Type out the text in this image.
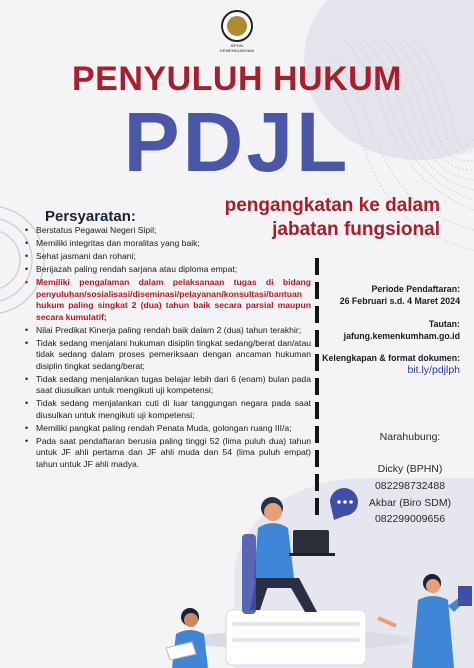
BPHN KEMENKUMHAM
PENYULUH HUKUM
PDJL
pengangkatan ke dalam
jabatan fungsional
Persyaratan:
• Berstatus Pegawai Negeri Sipil;
• Memiliki integritas dan moralitas yang baik;
• Sehat jasmani dan rohani;
• Berijazah paling rendah sarjana atau diploma empat;
• Memiliki pengalaman dalam pelaksanaan tugas di bidang penyuluhan/sosialisasi/diseminasi/pelayanan/konsultasi/bantuan hukum paling singkat 2 (dua) tahun baik secara parsial maupun secara kumulatif;
• Nilai Predikat Kinerja paling rendah baik dalam 2 (dua) tahun terakhir;
• Tidak sedang menjalani hukuman disiplin tingkat sedang/berat dan/atau tidak sedang dalam proses pemeriksaan dengan ancaman hukuman disiplin tingkat sedang/berat;
• Tidak sedang menjalankan tugas belajar lebih dari 6 (enam) bulan pada saat diusulkan untuk mengikuti uji kompetensi;
• Tidak sedang menjalankan cuti di luar tanggungan negara pada saat diusulkan untuk mengikuti uji kompetensi;
• Memiliki pangkat paling rendah Penata Muda, golongan ruang III/a;
• Pada saat pendaftaran berusia paling tinggi 52 (lima puluh dua) tahun untuk JF ahli pertama dan JF ahli muda dan 54 (lima puluh empat) tahun untuk JF ahli madya.
Periode Pendaftaran:
26 Februari s.d. 4 Maret 2024
Tautan:
jafung.kemenkumham.go.id
Kelengkapan & format dokumen:
bit.ly/pdjlph
Narahubung:
Dicky (BPHN)
082298732488
Akbar (Biro SDM)
082299009656
